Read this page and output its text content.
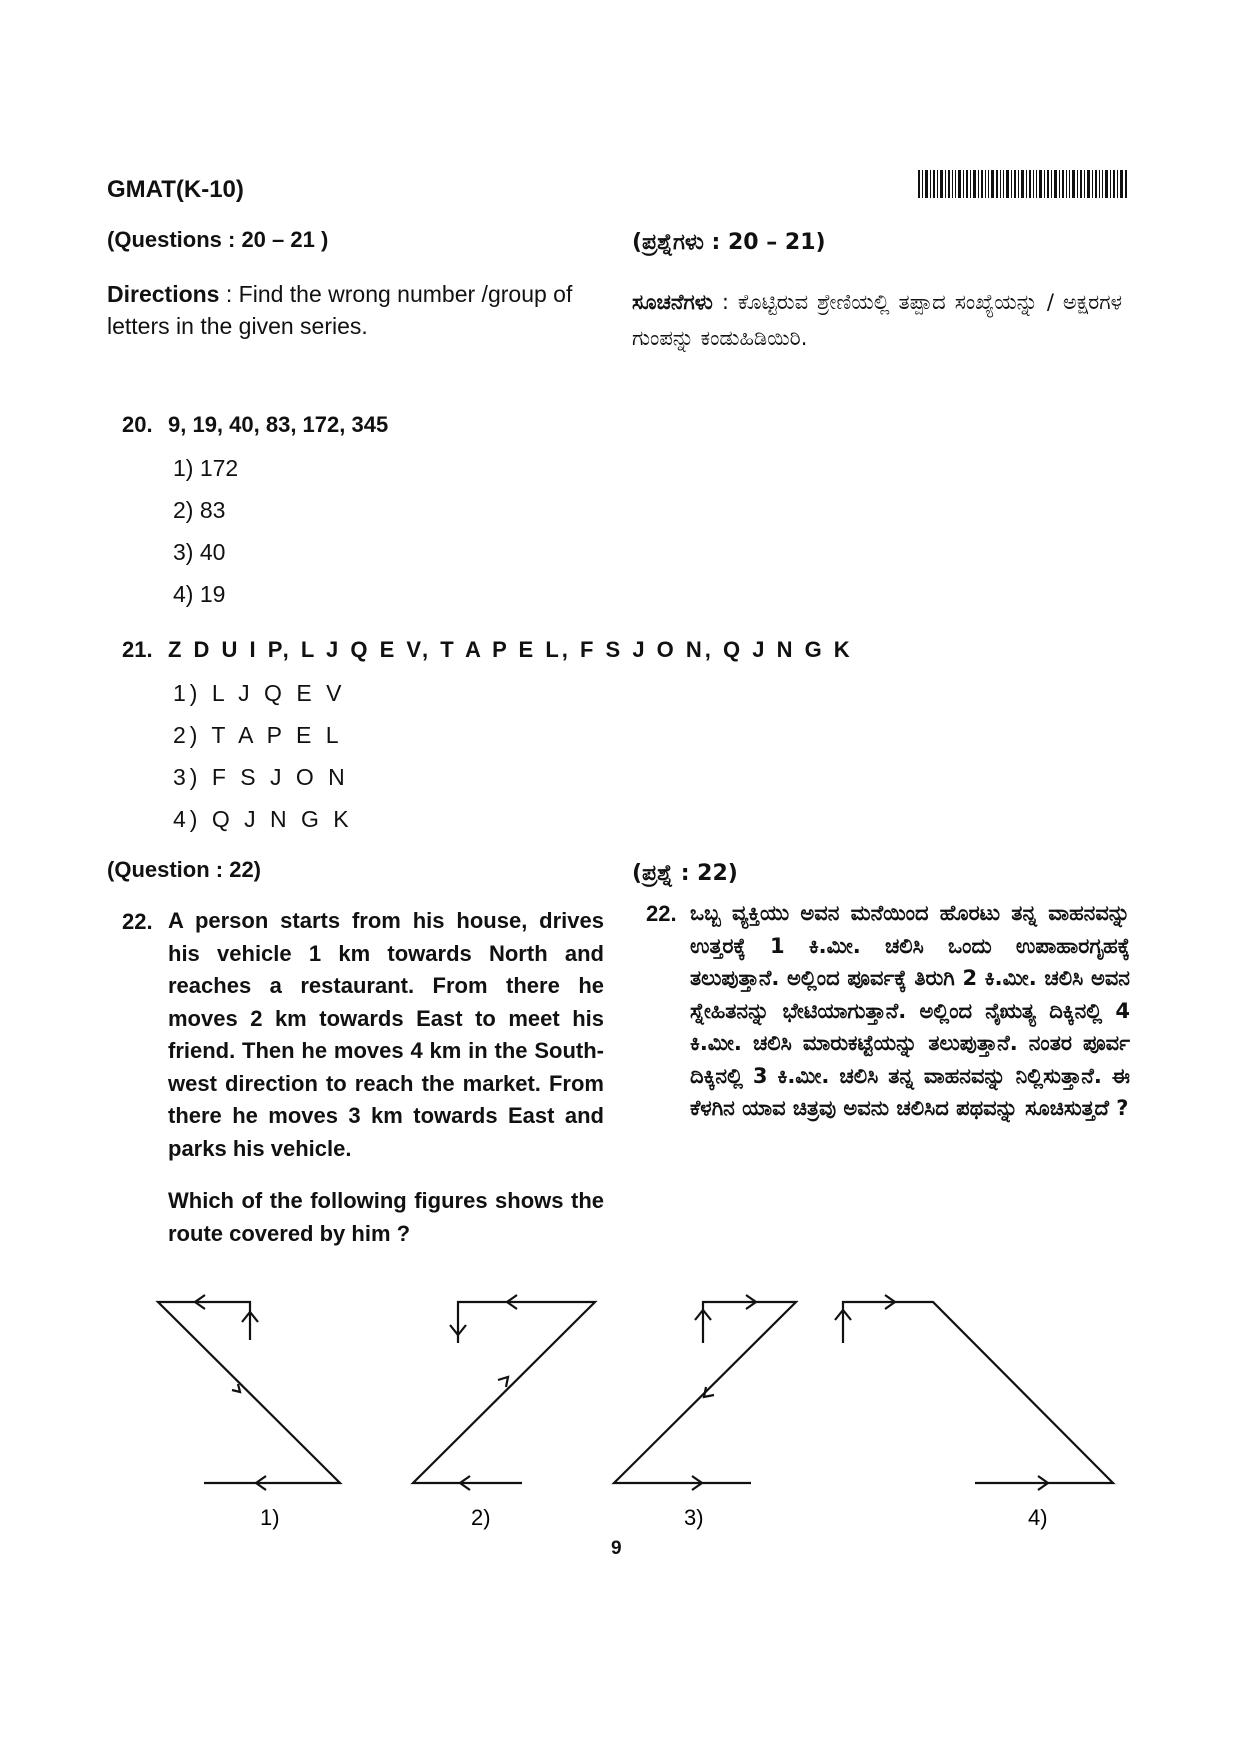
GMAT(K-10)
(Questions : 20 – 21 )	(ಪ್ರಶ್ನೆಗಳು : 20 – 21)
Directions : Find the wrong number /group of letters in the given series.
ಸೂಚನೆಗಳು : ಕೊಟ್ಟಿರುವ ಶ್ರೇಣಿಯಲ್ಲಿ ತಪ್ಪಾದ ಸಂಖ್ಯೆಯನ್ನು / ಅಕ್ಷರಗಳ ಗುಂಪನ್ನು ಕಂಡುಹಿಡಿಯಿರಿ.
20. 9, 19, 40, 83, 172, 345
1) 172
2) 83
3) 40
4) 19
21. Z D U I P, L J Q E V, T A P E L, F S J O N, Q J N G K
1) L J Q E V
2) T A P E L
3) F S J O N
4) Q J N G K
(Question : 22)	(ಪ್ರಶ್ನೆ : 22)
22. A person starts from his house, drives his vehicle 1 km towards North and reaches a restaurant. From there he moves 2 km towards East to meet his friend. Then he moves 4 km in the South-west direction to reach the market. From there he moves 3 km towards East and parks his vehicle.
Which of the following figures shows the route covered by him ?
22. ಒಬ್ಬ ವ್ಯಕ್ತಿಯು ಅವನ ಮನೆಯಿಂದ ಹೊರಟು ತನ್ನ ವಾಹನವನ್ನು ಉತ್ತರಕ್ಕೆ 1 ಕಿ.ಮೀ. ಚಲಿಸಿ ಒಂದು ಉಪಾಹಾರಗೃಹಕ್ಕೆ ತಲುಪುತ್ತಾನೆ. ಅಲ್ಲಿಂದ ಪೂರ್ವಕ್ಕೆ ತಿರುಗಿ 2 ಕಿ.ಮೀ. ಚಲಿಸಿ ಅವನ ಸ್ನೇಹಿತನನ್ನು ಭೇಟಿಯಾಗುತ್ತಾನೆ. ಅಲ್ಲಿಂದ ನೈಋತ್ಯ ದಿಕ್ಕಿನಲ್ಲಿ 4 ಕಿ.ಮೀ. ಚಲಿಸಿ ಮಾರುಕಟ್ಟೆಯನ್ನು ತಲುಪುತ್ತಾನೆ. ನಂತರ ಪೂರ್ವ ದಿಕ್ಕಿನಲ್ಲಿ 3 ಕಿ.ಮೀ. ಚಲಿಸಿ ತನ್ನ ವಾಹನವನ್ನು ನಿಲ್ಲಿಸುತ್ತಾನೆ. ಈ ಕೆಳಗಿನ ಯಾವ ಚಿತ್ರವು ಅವನು ಚಲಿಸಿದ ಪಥವನ್ನು ಸೂಚಿಸುತ್ತದೆ ?
1)	2)	3)	4)
9
